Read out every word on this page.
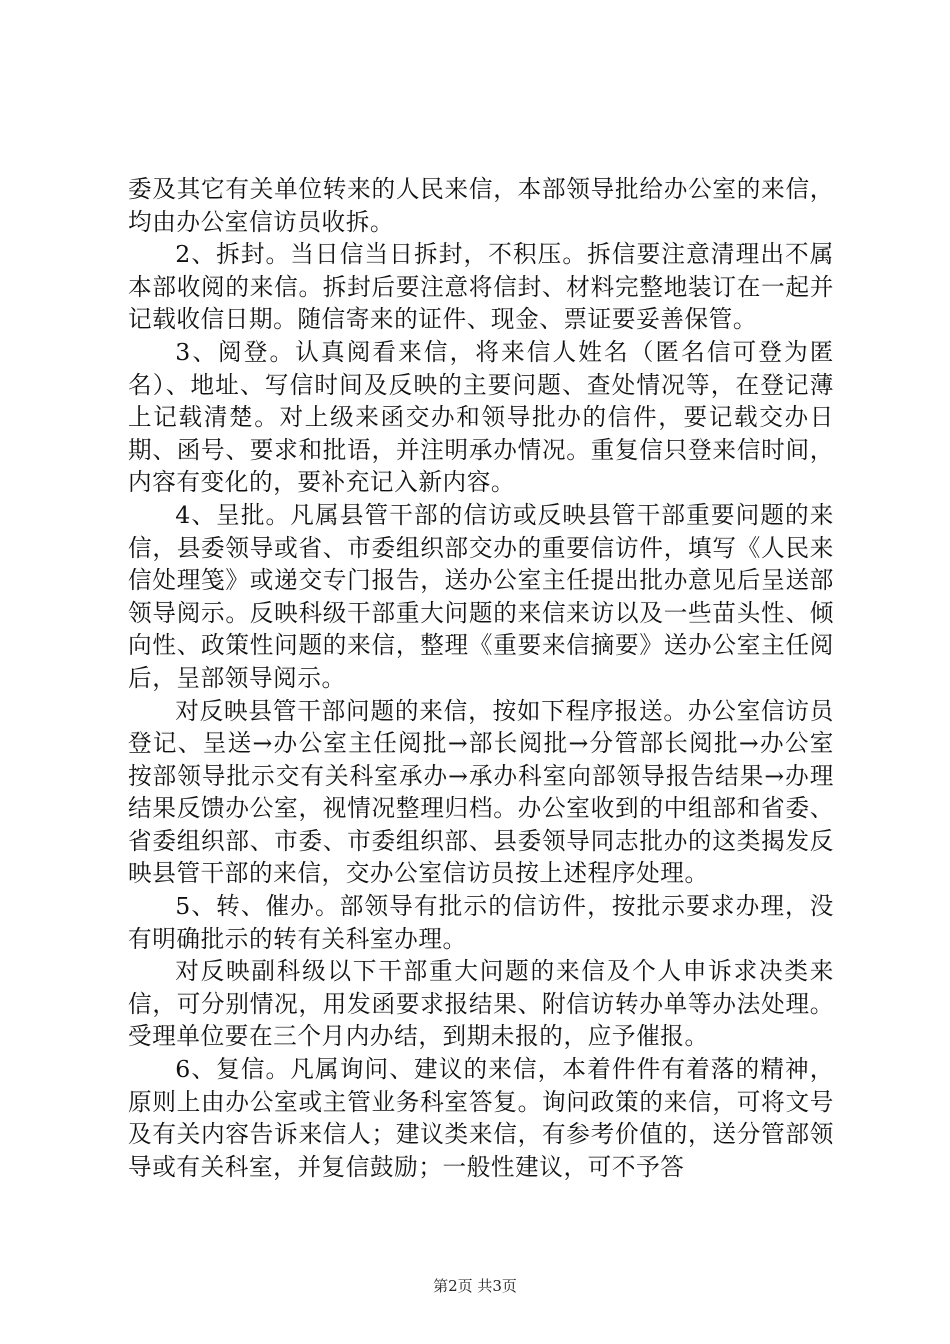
委及其它有关单位转来的人民来信，本部领导批给办公室的来信，均由办公室信访员收拆。

2、拆封。当日信当日拆封，不积压。拆信要注意清理出不属本部收阅的来信。拆封后要注意将信封、材料完整地装订在一起并记载收信日期。随信寄来的证件、现金、票证要妥善保管。

3、阅登。认真阅看来信，将来信人姓名（匿名信可登为匿名）、地址、写信时间及反映的主要问题、查处情况等，在登记薄上记载清楚。对上级来函交办和领导批办的信件，要记载交办日期、函号、要求和批语，并注明承办情况。重复信只登来信时间，内容有变化的，要补充记入新内容。

4、呈批。凡属县管干部的信访或反映县管干部重要问题的来信，县委领导或省、市委组织部交办的重要信访件，填写《人民来信处理笺》或递交专门报告，送办公室主任提出批办意见后呈送部领导阅示。反映科级干部重大问题的来信来访以及一些苗头性、倾向性、政策性问题的来信，整理《重要来信摘要》送办公室主任阅后，呈部领导阅示。

对反映县管干部问题的来信，按如下程序报送。办公室信访员登记、呈送→办公室主任阅批→部长阅批→分管部长阅批→办公室按部领导批示交有关科室承办→承办科室向部领导报告结果→办理结果反馈办公室，视情况整理归档。办公室收到的中组部和省委、省委组织部、市委、市委组织部、县委领导同志批办的这类揭发反映县管干部的来信，交办公室信访员按上述程序处理。

5、转、催办。部领导有批示的信访件，按批示要求办理，没有明确批示的转有关科室办理。

对反映副科级以下干部重大问题的来信及个人申诉求决类来信，可分别情况，用发函要求报结果、附信访转办单等办法处理。受理单位要在三个月内办结，到期未报的，应予催报。

6、复信。凡属询问、建议的来信，本着件件有着落的精神，原则上由办公室或主管业务科室答复。询问政策的来信，可将文号及有关内容告诉来信人；建议类来信，有参考价值的，送分管部领导或有关科室，并复信鼓励；一般性建议，可不予答

第2页 共3页
